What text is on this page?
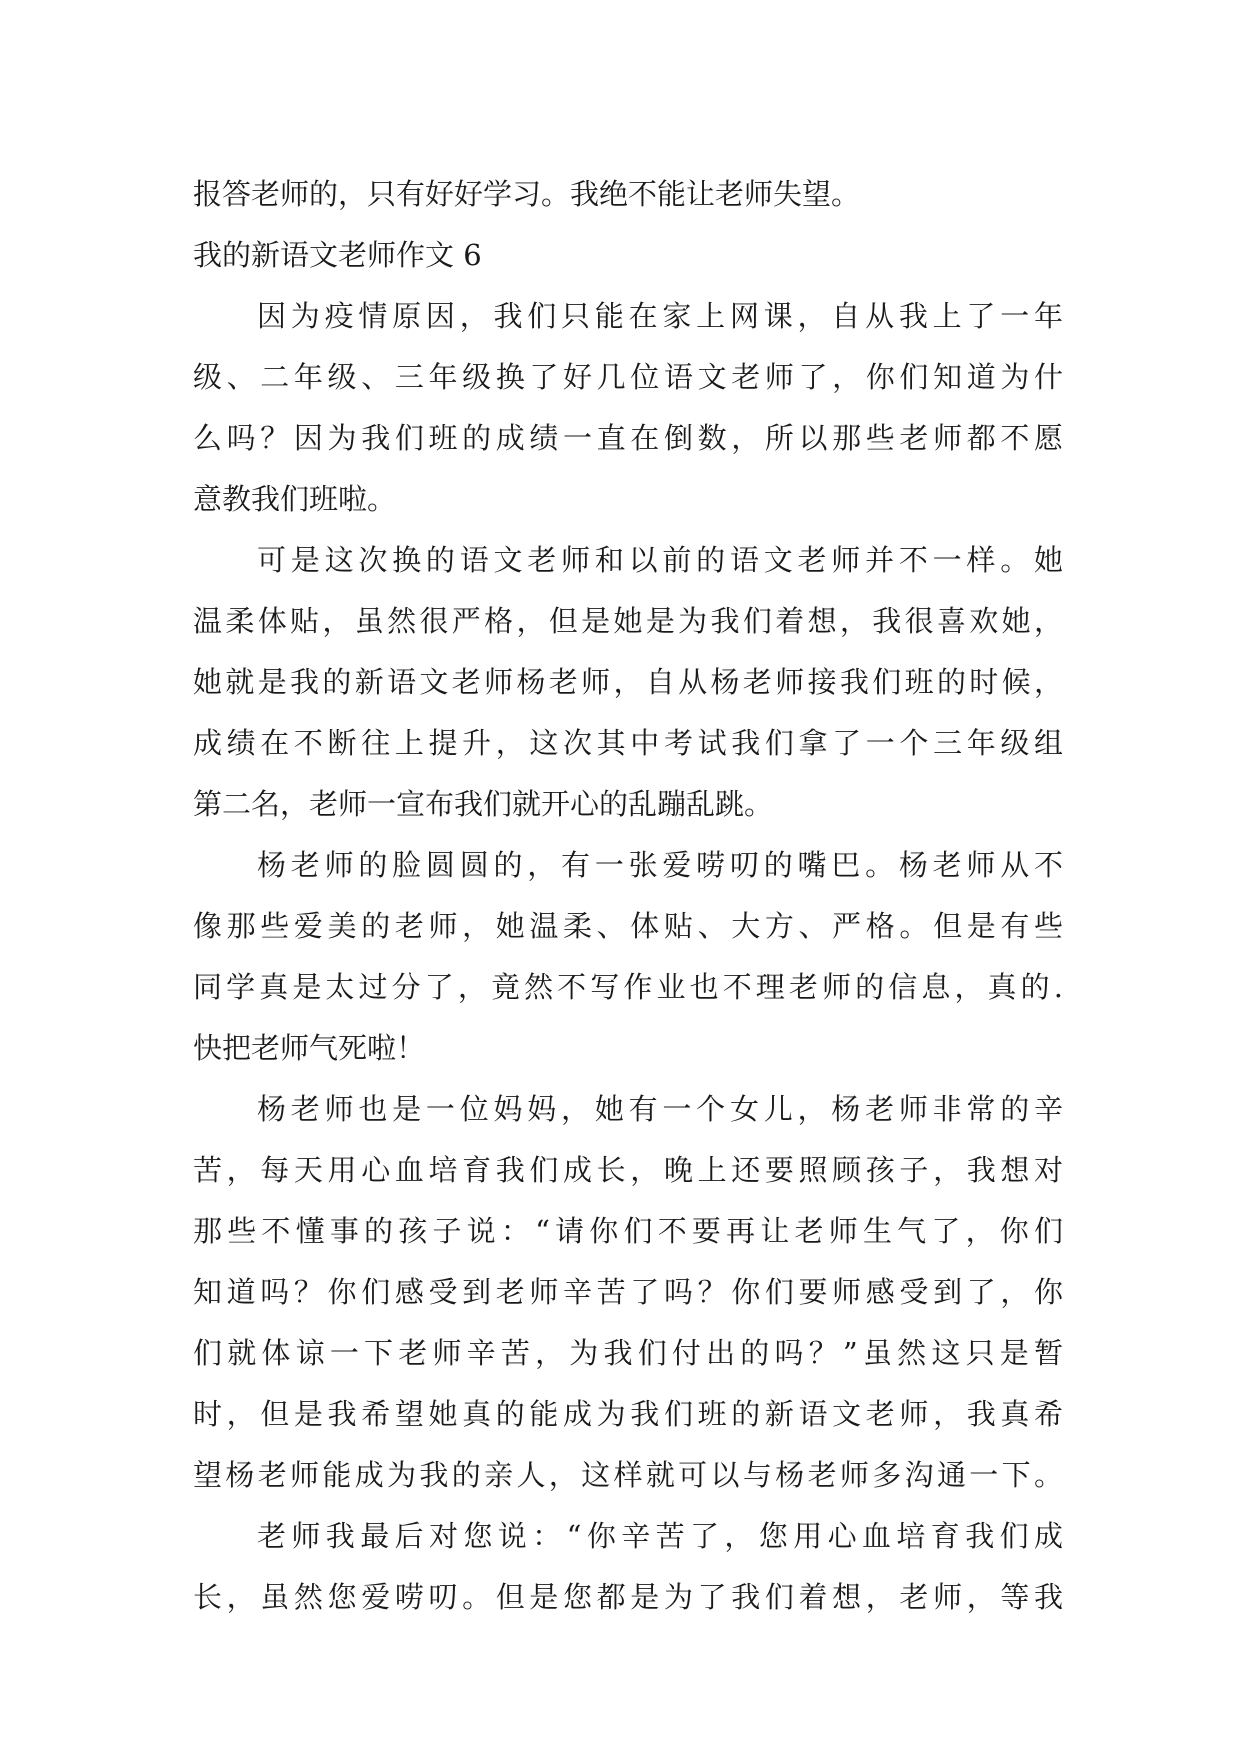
报答老师的，只有好好学习。我绝不能让老师失望。
我的新语文老师作文 6
因为疫情原因，我们只能在家上网课，自从我上了一年
级、二年级、三年级换了好几位语文老师了，你们知道为什
么吗？因为我们班的成绩一直在倒数，所以那些老师都不愿
意教我们班啦。
可是这次换的语文老师和以前的语文老师并不一样。她
温柔体贴，虽然很严格，但是她是为我们着想，我很喜欢她，
她就是我的新语文老师杨老师，自从杨老师接我们班的时候，
成绩在不断往上提升，这次其中考试我们拿了一个三年级组
第二名，老师一宣布我们就开心的乱蹦乱跳。
杨老师的脸圆圆的，有一张爱唠叨的嘴巴。杨老师从不
像那些爱美的老师，她温柔、体贴、大方、严格。但是有些
同学真是太过分了，竟然不写作业也不理老师的信息，真的.
快把老师气死啦！
杨老师也是一位妈妈，她有一个女儿，杨老师非常的辛
苦，每天用心血培育我们成长，晚上还要照顾孩子，我想对
那些不懂事的孩子说：“请你们不要再让老师生气了，你们
知道吗？你们感受到老师辛苦了吗？你们要师感受到了，你
们就体谅一下老师辛苦，为我们付出的吗？”虽然这只是暂
时，但是我希望她真的能成为我们班的新语文老师，我真希
望杨老师能成为我的亲人，这样就可以与杨老师多沟通一下。
老师我最后对您说：“你辛苦了，您用心血培育我们成
长，虽然您爱唠叨。但是您都是为了我们着想，老师，等我
